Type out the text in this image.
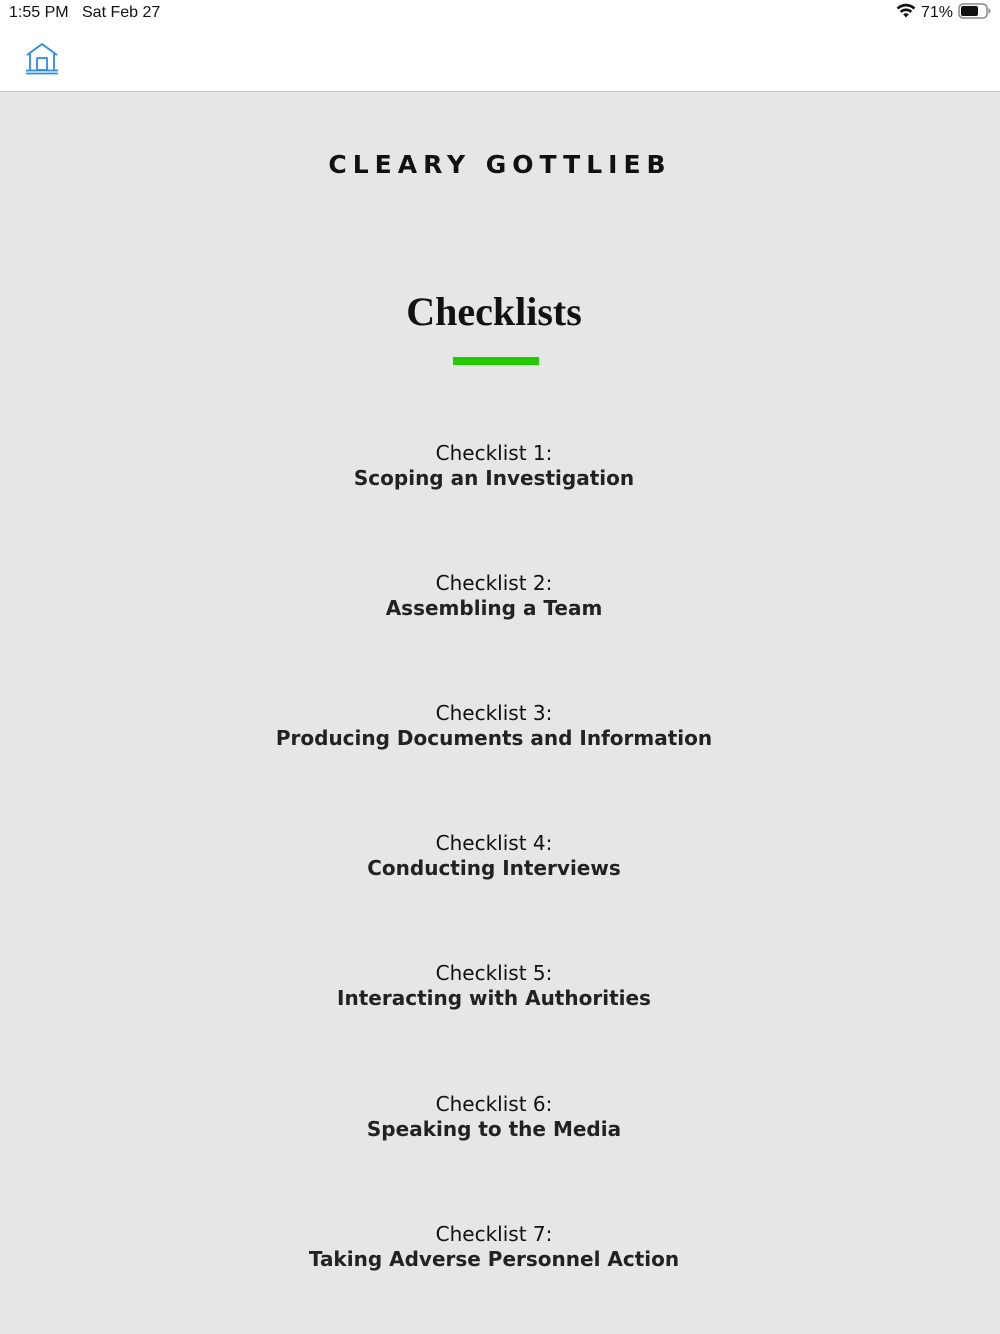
1:55 PM Sat Feb 27	71%
CLEARY GOTTLIEB
Checklists
Checklist 1:
Scoping an Investigation
Checklist 2:
Assembling a Team
Checklist 3:
Producing Documents and Information
Checklist 4:
Conducting Interviews
Checklist 5:
Interacting with Authorities
Checklist 6:
Speaking to the Media
Checklist 7:
Taking Adverse Personnel Action
